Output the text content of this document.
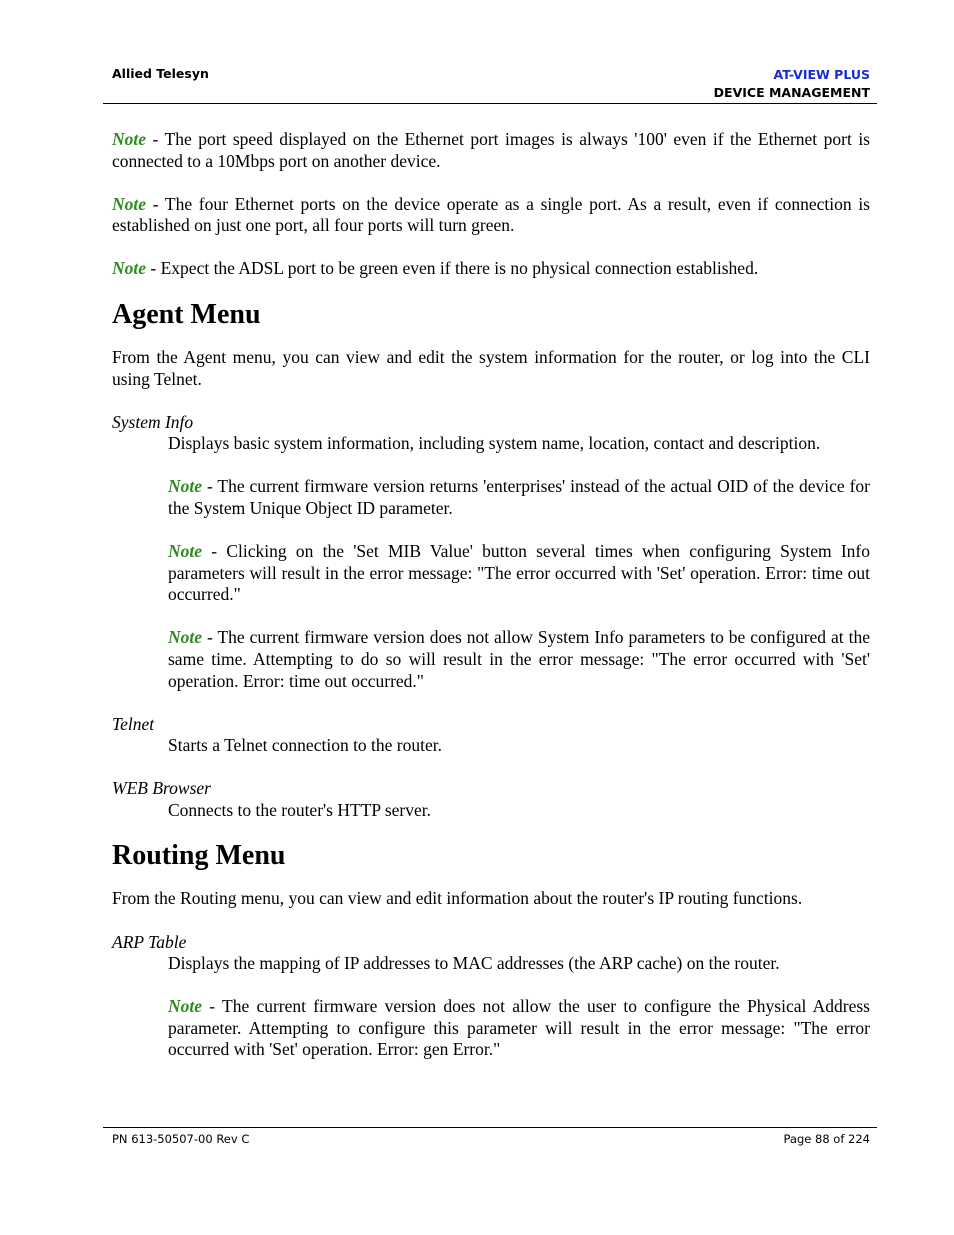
Allied Telesyn	AT-VIEW PLUS
DEVICE MANAGEMENT

Note - The port speed displayed on the Ethernet port images is always '100' even if the Ethernet port is connected to a 10Mbps port on another device.

Note - The four Ethernet ports on the device operate as a single port. As a result, even if connection is established on just one port, all four ports will turn green.

Note - Expect the ADSL port to be green even if there is no physical connection established.

Agent Menu

From the Agent menu, you can view and edit the system information for the router, or log into the CLI using Telnet.

System Info

Displays basic system information, including system name, location, contact and description.

Note - The current firmware version returns 'enterprises' instead of the actual OID of the device for the System Unique Object ID parameter.

Note - Clicking on the 'Set MIB Value' button several times when configuring System Info parameters will result in the error message: "The error occurred with 'Set' operation. Error: time out occurred."

Note - The current firmware version does not allow System Info parameters to be configured at the same time. Attempting to do so will result in the error message: "The error occurred with 'Set' operation. Error: time out occurred."

Telnet

Starts a Telnet connection to the router.

WEB Browser

Connects to the router's HTTP server.

Routing Menu

From the Routing menu, you can view and edit information about the router's IP routing functions.

ARP Table

Displays the mapping of IP addresses to MAC addresses (the ARP cache) on the router.

Note - The current firmware version does not allow the user to configure the Physical Address parameter. Attempting to configure this parameter will result in the error message: "The error occurred with 'Set' operation. Error: gen Error."

PN 613-50507-00 Rev C	Page 88 of 224
